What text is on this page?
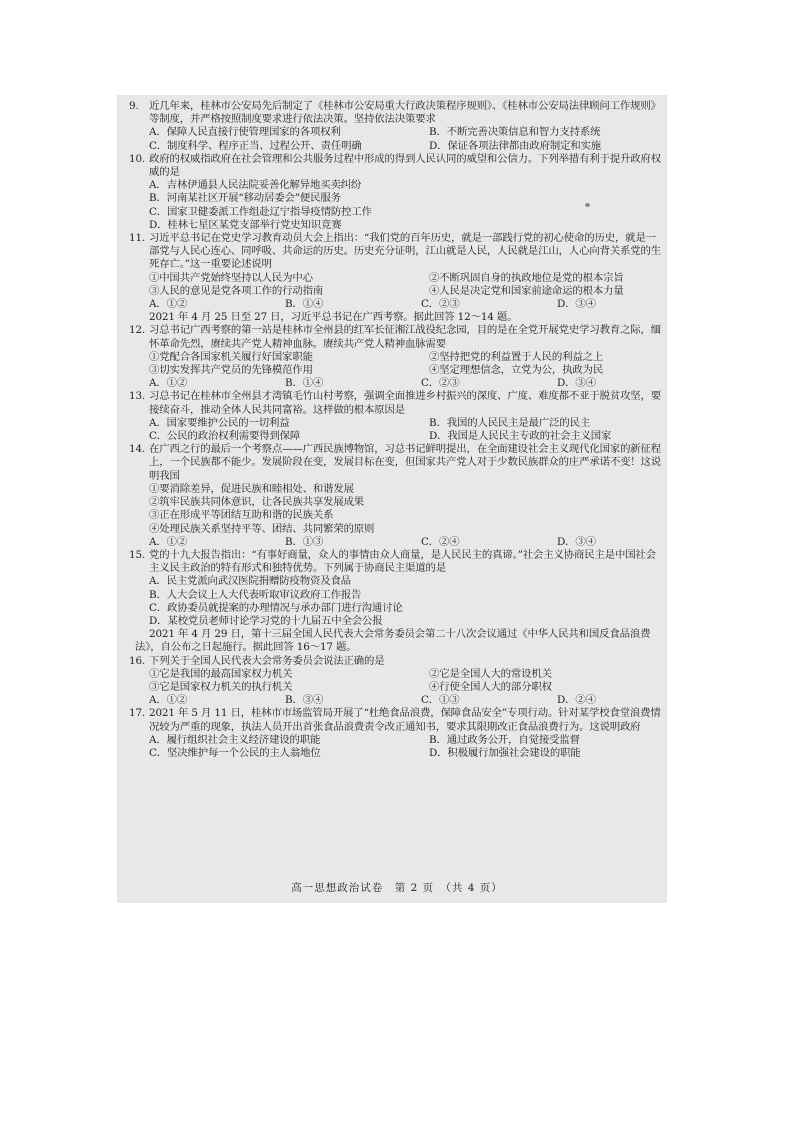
9. 近几年来，桂林市公安局先后制定了《桂林市公安局重大行政决策程序规则》、《桂林市公安局法律顾问工作规则》等制度，并严格按照制度要求进行依法决策。坚持依法决策要求
A．保障人民直接行使管理国家的各项权利	B．不断完善决策信息和智力支持系统
C．制度科学、程序正当、过程公开、责任明确	D．保证各项法律都由政府制定和实施
10. 政府的权威指政府在社会管理和公共服务过程中形成的得到人民认同的威望和公信力。下列举措有利于提升政府权威的是
A．吉林伊通县人民法院妥善化解异地买卖纠纷
B．河南某社区开展“移动居委会”便民服务
C．国家卫健委派工作组赴辽宁指导疫情防控工作
D．桂林七星区某党支部举行党史知识竞赛
11. 习近平总书记在党史学习教育动员大会上指出：“我们党的百年历史，就是一部践行党的初心使命的历史，就是一部党与人民心连心、同呼吸、共命运的历史。历史充分证明，江山就是人民，人民就是江山，人心向背关系党的生死存亡。”这一重要论述说明
①中国共产党始终坚持以人民为中心	②不断巩固自身的执政地位是党的根本宗旨
③人民的意见是党各项工作的行动指南	④人民是决定党和国家前途命运的根本力量
A．①②	B．①④	C．②③	D．③④
2021 年 4 月 25 日至 27 日，习近平总书记在广西考察。据此回答 12～14 题。
12. 习总书记广西考察的第一站是桂林市全州县的红军长征湘江战役纪念园，目的是在全党开展党史学习教育之际，缅怀革命先烈，赓续共产党人精神血脉。赓续共产党人精神血脉需要
①党配合各国家机关履行好国家职能	②坚持把党的利益置于人民的利益之上
③切实发挥共产党员的先锋模范作用	④坚定理想信念，立党为公，执政为民
A．①②	B．①④	C．②③	D．③④
13. 习总书记在桂林市全州县才湾镇毛竹山村考察，强调全面推进乡村振兴的深度、广度、难度都不亚于脱贫攻坚，要接续奋斗，推动全体人民共同富裕。这样做的根本原因是
A．国家要维护公民的一切利益	B．我国的人民民主是最广泛的民主
C．公民的政治权利需要得到保障	D．我国是人民民主专政的社会主义国家
14. 在广西之行的最后一个考察点——广西民族博物馆，习总书记鲜明提出，在全面建设社会主义现代化国家的新征程上，一个民族都不能少。发展阶段在变，发展目标在变，但国家共产党人对于少数民族群众的庄严承诺不变！这说明我国
①要消除差异，促进民族和睦相处、和谐发展
②筑牢民族共同体意识，让各民族共享发展成果
③正在形成平等团结互助和谐的民族关系
④处理民族关系坚持平等、团结、共同繁荣的原则
A．①②	B．①③	C．②④	D．③④
15. 党的十九大报告指出：“有事好商量，众人的事情由众人商量，是人民民主的真谛。”社会主义协商民主是中国社会主义民主政治的特有形式和独特优势。下列属于协商民主渠道的是
A．民主党派向武汉医院捐赠防疫物资及食品
B．人大会议上人大代表听取审议政府工作报告
C．政协委员就提案的办理情况与承办部门进行沟通讨论
D．某校党员老师讨论学习党的十九届五中全会公报
2021 年 4 月 29 日，第十三届全国人民代表大会常务委员会第二十八次会议通过《中华人民共和国反食品浪费法》，自公布之日起施行。据此回答 16～17 题。
16. 下列关于全国人民代表大会常务委员会说法正确的是
①它是我国的最高国家权力机关	②它是全国人大的常设机关
③它是国家权力机关的执行机关	④行使全国人大的部分职权
A．①②	B．③④	C．①③	D．②④
17. 2021 年 5 月 11 日，桂林市市场监管局开展了“杜绝食品浪费，保障食品安全”专项行动。针对某学校食堂浪费情况较为严重的现象，执法人员开出首张食品浪费责令改正通知书，要求其限期改正食品浪费行为。这说明政府
A．履行组织社会主义经济建设的职能	B．通过政务公开，自觉接受监督
C．坚决维护每一个公民的主人翁地位	D．积极履行加强社会建设的职能
高一思想政治试卷　第 2 页　（共 4 页）
